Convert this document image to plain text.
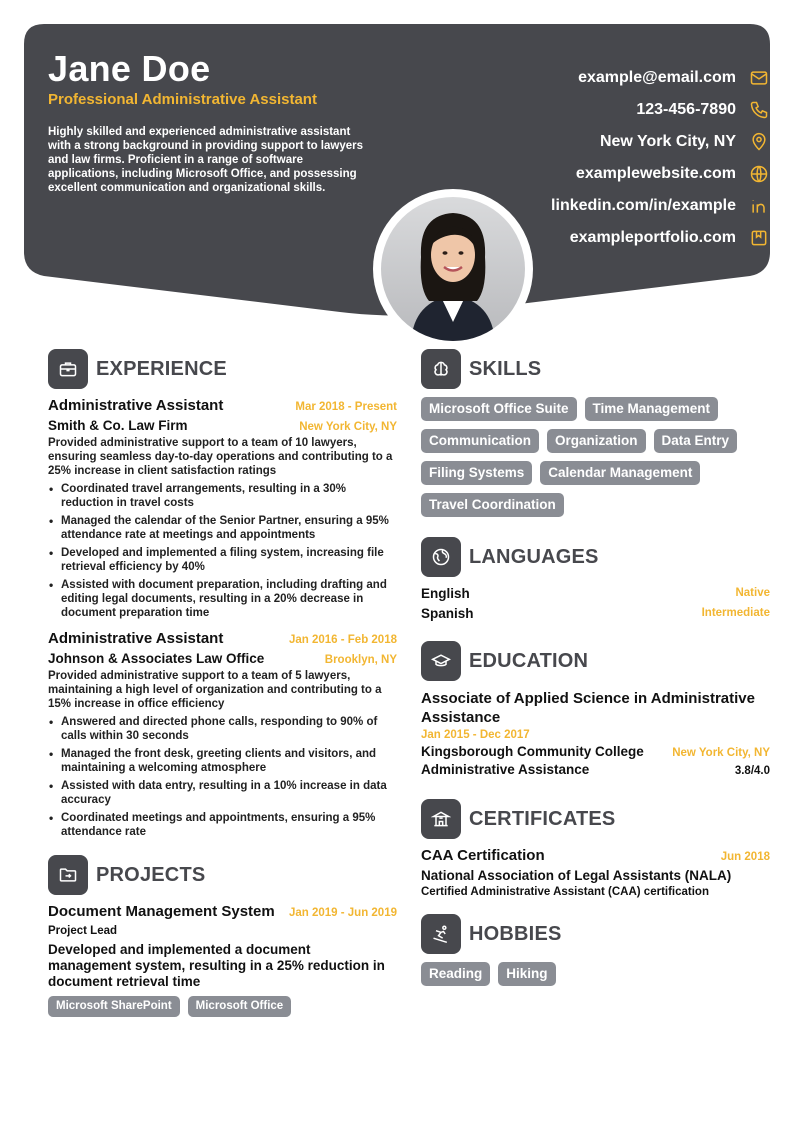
Jane Doe
Professional Administrative Assistant
Highly skilled and experienced administrative assistant with a strong background in providing support to lawyers and law firms. Proficient in a range of software applications, including Microsoft Office, and possessing excellent communication and organizational skills.
example@email.com
123-456-7890
New York City, NY
examplewebsite.com
linkedin.com/in/example
exampleportfolio.com
EXPERIENCE
Administrative Assistant	Mar 2018 - Present
Smith & Co. Law Firm	New York City, NY
Provided administrative support to a team of 10 lawyers, ensuring seamless day-to-day operations and contributing to a 25% increase in client satisfaction ratings
• Coordinated travel arrangements, resulting in a 30% reduction in travel costs
• Managed the calendar of the Senior Partner, ensuring a 95% attendance rate at meetings and appointments
• Developed and implemented a filing system, increasing file retrieval efficiency by 40%
• Assisted with document preparation, including drafting and editing legal documents, resulting in a 20% decrease in document preparation time
Administrative Assistant	Jan 2016 - Feb 2018
Johnson & Associates Law Office	Brooklyn, NY
Provided administrative support to a team of 5 lawyers, maintaining a high level of organization and contributing to a 15% increase in office efficiency
• Answered and directed phone calls, responding to 90% of calls within 30 seconds
• Managed the front desk, greeting clients and visitors, and maintaining a welcoming atmosphere
• Assisted with data entry, resulting in a 10% increase in data accuracy
• Coordinated meetings and appointments, ensuring a 95% attendance rate
PROJECTS
Document Management System Jan 2019 - Jun 2019
Project Lead
Developed and implemented a document management system, resulting in a 25% reduction in document retrieval time
Microsoft SharePoint	Microsoft Office
SKILLS
Microsoft Office Suite	Time Management
Communication	Organization	Data Entry
Filing Systems	Calendar Management
Travel Coordination
LANGUAGES
English	Native
Spanish	Intermediate
EDUCATION
Associate of Applied Science in Administrative Assistance
Jan 2015 - Dec 2017
Kingsborough Community College New York City, NY
Administrative Assistance	3.8/4.0
CERTIFICATES
CAA Certification	Jun 2018
National Association of Legal Assistants (NALA)
Certified Administrative Assistant (CAA) certification
HOBBIES
Reading	Hiking
